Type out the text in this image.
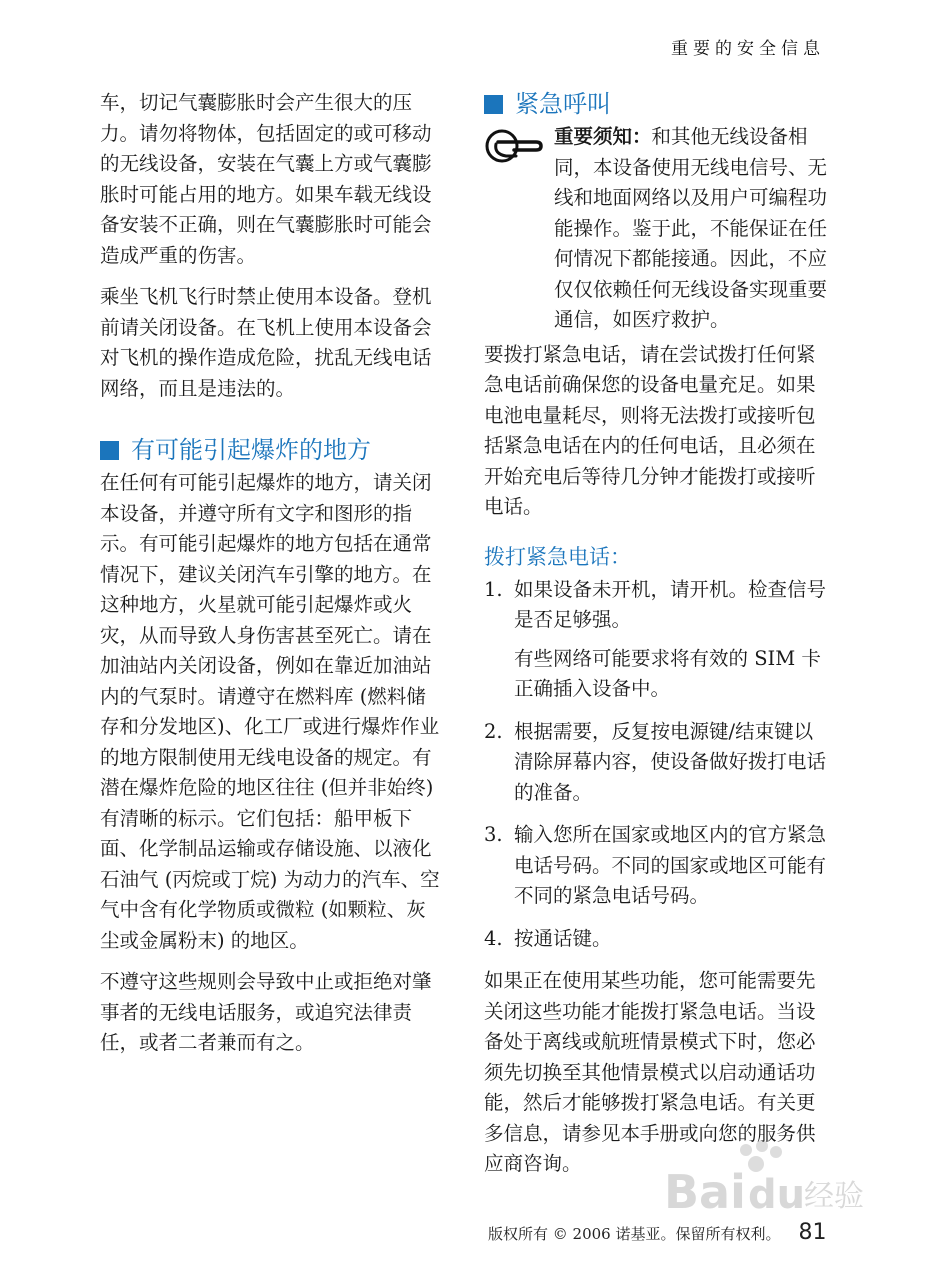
重要的安全信息

车，切记气囊膨胀时会产生很大的压力。请勿将物体，包括固定的或可移动的无线设备，安装在气囊上方或气囊膨胀时可能占用的地方。如果车载无线设备安装不正确，则在气囊膨胀时可能会造成严重的伤害。

乘坐飞机飞行时禁止使用本设备。登机前请关闭设备。在飞机上使用本设备会对飞机的操作造成危险，扰乱无线电话网络，而且是违法的。

有可能引起爆炸的地方

在任何有可能引起爆炸的地方，请关闭本设备，并遵守所有文字和图形的指示。有可能引起爆炸的地方包括在通常情况下，建议关闭汽车引擎的地方。在这种地方，火星就可能引起爆炸或火灾，从而导致人身伤害甚至死亡。请在加油站内关闭设备，例如在靠近加油站内的气泵时。请遵守在燃料库 (燃料储存和分发地区)、化工厂或进行爆炸作业的地方限制使用无线电设备的规定。有潜在爆炸危险的地区往往 (但并非始终) 有清晰的标示。它们包括：船甲板下面、化学制品运输或存储设施、以液化石油气 (丙烷或丁烷) 为动力的汽车、空气中含有化学物质或微粒 (如颗粒、灰尘或金属粉末) 的地区。

不遵守这些规则会导致中止或拒绝对肇事者的无线电话服务，或追究法律责任，或者二者兼而有之。

紧急呼叫
重要须知：和其他无线设备相同，本设备使用无线电信号、无线和地面网络以及用户可编程功能操作。鉴于此，不能保证在任何情况下都能接通。因此，不应仅仅依赖任何无线设备实现重要通信，如医疗救护。

要拨打紧急电话，请在尝试拨打任何紧急电话前确保您的设备电量充足。如果电池电量耗尽，则将无法拨打或接听包括紧急电话在内的任何电话，且必须在开始充电后等待几分钟才能拨打或接听电话。

拨打紧急电话：
1. 如果设备未开机，请开机。检查信号是否足够强。

有些网络可能要求将有效的 SIM 卡正确插入设备中。

2. 根据需要，反复按电源键/结束键以清除屏幕内容，使设备做好拨打电话的准备。

3. 输入您所在国家或地区内的官方紧急电话号码。不同的国家或地区可能有不同的紧急电话号码。

4. 按通话键。

如果正在使用某些功能，您可能需要先关闭这些功能才能拨打紧急电话。当设备处于离线或航班情景模式下时，您必须先切换至其他情景模式以启动通话功能，然后才能够拨打紧急电话。有关更多信息，请参见本手册或向您的服务供应商咨询。

Bai du
经验
版权所有 © 2006 诺基亚。保留所有权利。 81
